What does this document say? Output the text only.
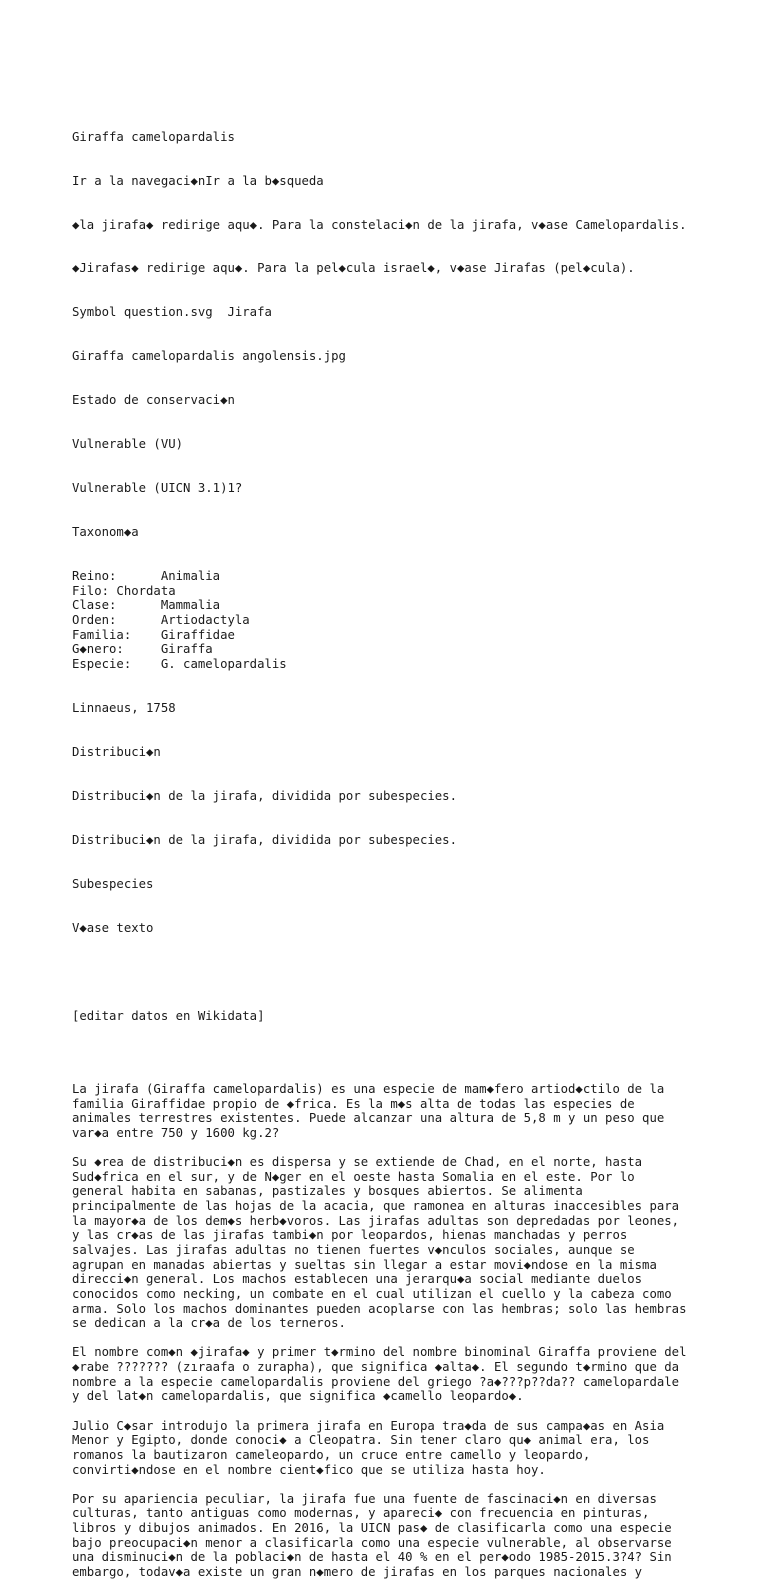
Giraffa camelopardalis

Ir a la navegaci◆nIr a la b◆squeda

◆la jirafa◆ redirige aqu◆. Para la constelaci◆n de la jirafa, v◆ase Camelopardalis.

◆Jirafas◆ redirige aqu◆. Para la pel◆cula israel◆, v◆ase Jirafas (pel◆cula).

Symbol question.svg  Jirafa

Giraffa camelopardalis angolensis.jpg

Estado de conservaci◆n

Vulnerable (VU)

Vulnerable (UICN 3.1)1?

Taxonom◆a

Reino:	Animalia
Filo: Chordata
Clase:	Mammalia
Orden:	Artiodactyla
Familia: Giraffidae
G◆nero:	Giraffa
Especie: G. camelopardalis

Linnaeus, 1758

Distribuci◆n

Distribuci◆n de la jirafa, dividida por subespecies.

Distribuci◆n de la jirafa, dividida por subespecies.

Subespecies

V◆ase texto

[editar datos en Wikidata]

La jirafa (Giraffa camelopardalis) es una especie de mam◆fero artiod◆ctilo de la
familia Giraffidae propio de ◆frica. Es la m◆s alta de todas las especies de
animales terrestres existentes. Puede alcanzar una altura de 5,8 m y un peso que
var◆a entre 750 y 1600 kg.2?
Su ◆rea de distribuci◆n es dispersa y se extiende de Chad, en el norte, hasta
Sud◆frica en el sur, y de N◆ger en el oeste hasta Somalia en el este. Por lo
general habita en sabanas, pastizales y bosques abiertos. Se alimenta
principalmente de las hojas de la acacia, que ramonea en alturas inaccesibles para
la mayor◆a de los dem◆s herb◆voros. Las jirafas adultas son depredadas por leones,
y las cr◆as de las jirafas tambi◆n por leopardos, hienas manchadas y perros
salvajes. Las jirafas adultas no tienen fuertes v◆nculos sociales, aunque se
agrupan en manadas abiertas y sueltas sin llegar a estar movi◆ndose en la misma
direcci◆n general. Los machos establecen una jerarqu◆a social mediante duelos
conocidos como necking, un combate en el cual utilizan el cuello y la cabeza como
arma. Solo los machos dominantes pueden acoplarse con las hembras; solo las hembras
se dedican a la cr◆a de los terneros.
El nombre com◆n ◆jirafa◆ y primer t◆rmino del nombre binominal Giraffa proviene del
◆rabe ??????? (zıraafa o zurapha), que significa ◆alta◆. El segundo t◆rmino que da
nombre a la especie camelopardalis proviene del griego ?a◆???p??da?? camelopardale
y del lat◆n camelopardalis, que significa ◆camello leopardo◆.
Julio C◆sar introdujo la primera jirafa en Europa tra◆da de sus campa◆as en Asia
Menor y Egipto, donde conoci◆ a Cleopatra. Sin tener claro qu◆ animal era, los
romanos la bautizaron cameleopardo, un cruce entre camello y leopardo,
convirti◆ndose en el nombre cient◆fico que se utiliza hasta hoy.
Por su apariencia peculiar, la jirafa fue una fuente de fascinaci◆n en diversas
culturas, tanto antiguas como modernas, y apareci◆ con frecuencia en pinturas,
libros y dibujos animados. En 2016, la UICN pas◆ de clasificarla como una especie
bajo preocupaci◆n menor a clasificarla como una especie vulnerable, al observarse
una disminuci◆n de la poblaci◆n de hasta el 40 % en el per◆odo 1985-2015.3?4? Sin
embargo, todav◆a existe un gran n◆mero de jirafas en los parques nacionales y
